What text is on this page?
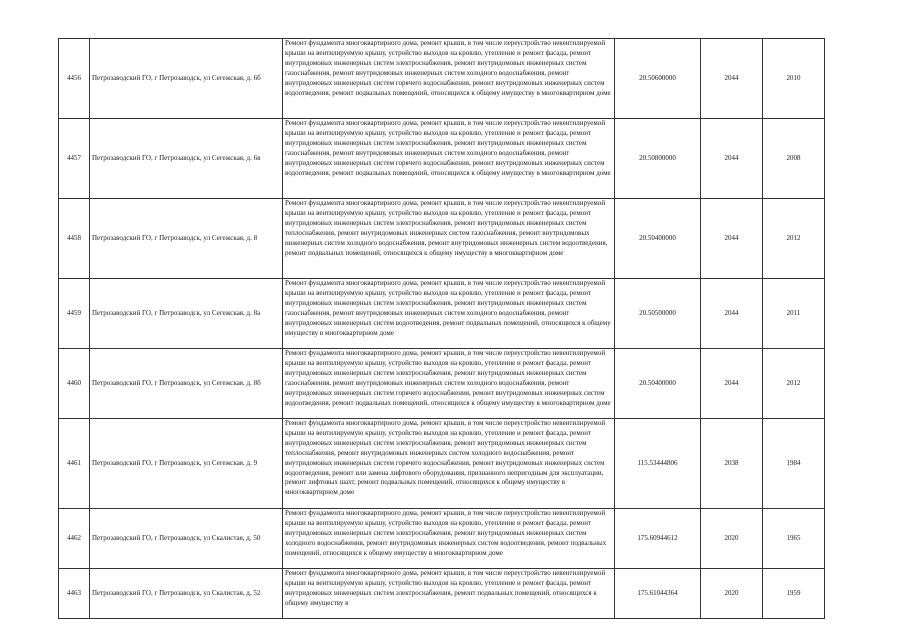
4456	Петрозаводский ГО, г Петрозаводск, ул Сегежская, д. 6б	Ремонт фундамента многоквартирного дома, ремонт крыши, в том числе переустройство невентилируемой крыши на вентилируемую крышу, устройство выходов на кровлю, утепление и ремонт фасада, ремонт внутридомовых инженерных систем электроснабжения, ремонт внутридомовых инженерных систем газоснабжения, ремонт внутридомовых инженерных систем холодного водоснабжения, ремонт внутридомовых инженерных систем горячего водоснабжения, ремонт внутридомовых инженерных систем водоотведения, ремонт подвальных помещений, относящихся к общему имуществу в многоквартирном доме	20.50600000	2044	2010
4457	Петрозаводский ГО, г Петрозаводск, ул Сегежская, д. 6в	Ремонт фундамента многоквартирного дома, ремонт крыши, в том числе переустройство невентилируемой крыши на вентилируемую крышу, устройство выходов на кровлю, утепление и ремонт фасада, ремонт внутридомовых инженерных систем электроснабжения, ремонт внутридомовых инженерных систем газоснабжения, ремонт внутридомовых инженерных систем холодного водоснабжения, ремонт внутридомовых инженерных систем горячего водоснабжения, ремонт внутридомовых инженерных систем водоотведения, ремонт подвальных помещений, относящихся к общему имуществу в многоквартирном доме	20.50800000	2044	2008
4458	Петрозаводский ГО, г Петрозаводск, ул Сегежская, д. 8	Ремонт фундамента многоквартирного дома, ремонт крыши, в том числе переустройство невентилируемой крыши на вентилируемую крышу, устройство выходов на кровлю, утепление и ремонт фасада, ремонт внутридомовых инженерных систем электроснабжения, ремонт внутридомовых инженерных систем теплоснабжения, ремонт внутридомовых инженерных систем газоснабжения, ремонт внутридомовых инженерных систем холодного водоснабжения, ремонт внутридомовых инженерных систем водоотведения, ремонт подвальных помещений, относящихся к общему имуществу в многоквартирном доме	20.50400000	2044	2012
4459	Петрозаводский ГО, г Петрозаводск, ул Сегежская, д. 8а	Ремонт фундамента многоквартирного дома, ремонт крыши, в том числе переустройство невентилируемой крыши на вентилируемую крышу, устройство выходов на кровлю, утепление и ремонт фасада, ремонт внутридомовых инженерных систем электроснабжения, ремонт внутридомовых инженерных систем газоснабжения, ремонт внутридомовых инженерных систем холодного водоснабжения, ремонт внутридомовых инженерных систем водоотведения, ремонт подвальных помещений, относящихся к общему имуществу в многоквартирном доме	20.50500000	2044	2011
4460	Петрозаводский ГО, г Петрозаводск, ул Сегежская, д. 8б	Ремонт фундамента многоквартирного дома, ремонт крыши, в том числе переустройство невентилируемой крыши на вентилируемую крышу, устройство выходов на кровлю, утепление и ремонт фасада, ремонт внутридомовых инженерных систем электроснабжения, ремонт внутридомовых инженерных систем газоснабжения, ремонт внутридомовых инженерных систем холодного водоснабжения, ремонт внутридомовых инженерных систем горячего водоснабжения, ремонт внутридомовых инженерных систем водоотведения, ремонт подвальных помещений, относящихся к общему имуществу в многоквартирном доме	20.50400000	2044	2012
4461	Петрозаводский ГО, г Петрозаводск, ул Сегежская, д. 9	Ремонт фундамента многоквартирного дома, ремонт крыши, в том числе переустройство невентилируемой крыши на вентилируемую крышу, устройство выходов на кровлю, утепление и ремонт фасада, ремонт внутридомовых инженерных систем электроснабжения, ремонт внутридомовых инженерных систем теплоснабжения, ремонт внутридомовых инженерных систем холодного водоснабжения, ремонт внутридомовых инженерных систем горячего водоснабжения, ремонт внутридомовых инженерных систем водоотведения, ремонт или замена лифтового оборудования, признанного непригодным для эксплуатации, ремонт лифтовых шахт, ремонт подвальных помещений, относящихся к общему имуществу в многоквартирном доме	115.53444806	2038	1984
4462	Петрозаводский ГО, г Петрозаводск, ул Скалистая, д. 50	Ремонт фундамента многоквартирного дома, ремонт крыши, в том числе переустройство невентилируемой крыши на вентилируемую крышу, устройство выходов на кровлю, утепление и ремонт фасада, ремонт внутридомовых инженерных систем электроснабжения, ремонт внутридомовых инженерных систем холодного водоснабжения, ремонт внутридомовых инженерных систем водоотведения, ремонт подвальных помещений, относящихся к общему имуществу в многоквартирном доме	175.60944612	2020	1965
4463	Петрозаводский ГО, г Петрозаводск, ул Скалистая, д. 52	Ремонт фундамента многоквартирного дома, ремонт крыши, в том числе переустройство невентилируемой крыши на вентилируемую крышу, устройство выходов на кровлю, утепление и ремонт фасада, ремонт внутридомовых инженерных систем электроснабжения, ремонт подвальных помещений, относящихся к общему имуществу в	175.61044364	2020	1959
